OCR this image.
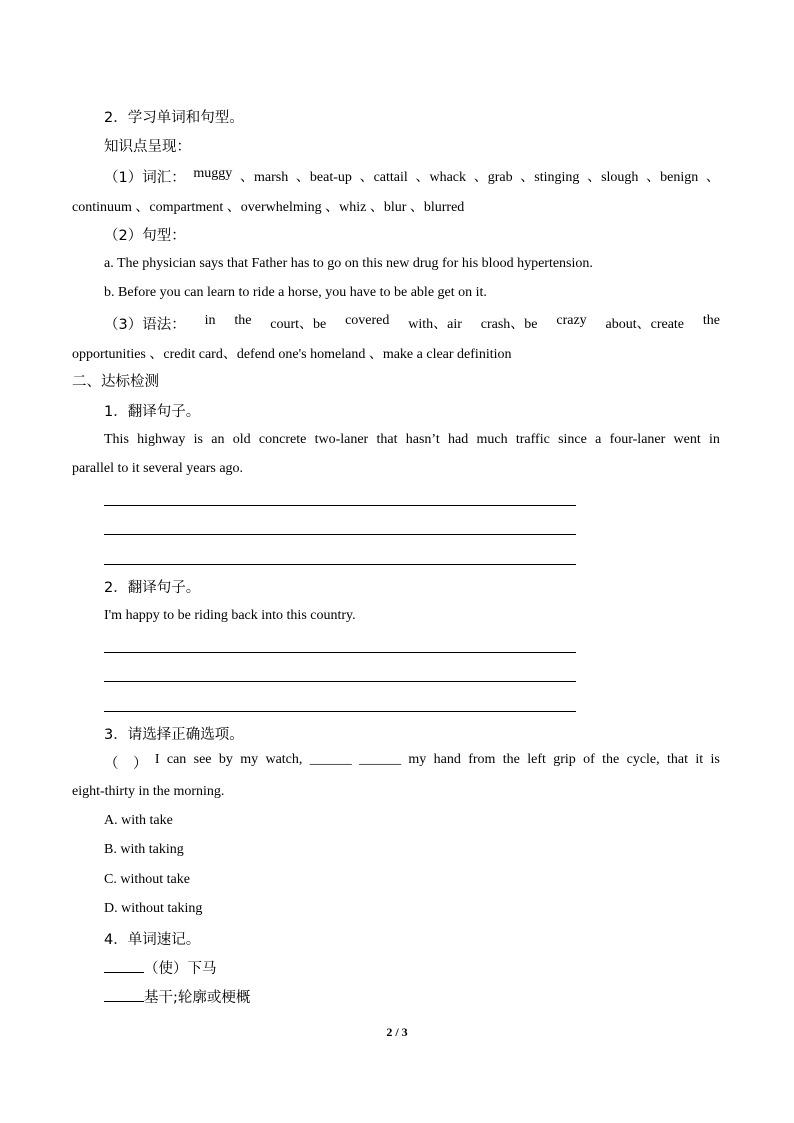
2．学习单词和句型。
知识点呈现：
（1）词汇： muggy 、marsh 、beat-up 、cattail 、whack 、grab 、stinging 、slough 、benign 、
continuum 、compartment 、overwhelming 、whiz 、blur 、blurred
（2）句型：
a. The physician says that Father has to go on this new drug for his blood hypertension.
b. Before you can learn to ride a horse, you have to be able get on it.
（3）语法： in the court、be covered with、air crash、be crazy about、create the
opportunities 、credit card、defend one's homeland 、make a clear definition
二、达标检测
1．翻译句子。
This highway is an old concrete two-laner that hasn’t had much traffic since a four-laner went in
parallel to it several years ago.
2．翻译句子。
I'm happy to be riding back into this country.
3．请选择正确选项。
（　） I can see by my watch, ______ ______ my hand from the left grip of the cycle, that it is
eight-thirty in the morning.
A. with take
B. with taking
C. without take
D. without taking
4．单词速记。
（使）下马
基干;轮廓或梗概
2 / 3
